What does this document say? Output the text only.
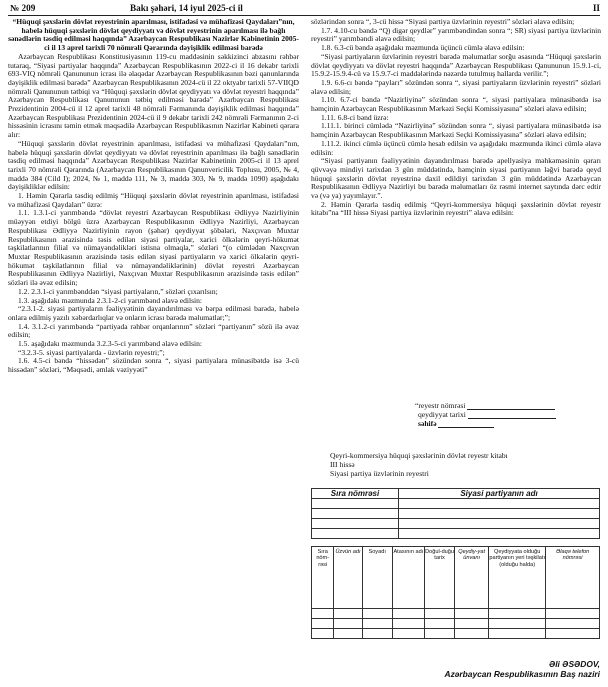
№ 209	Bakı şəhəri, 14 iyul 2025-ci il	II

“Hüquqi şəxslərin dövlət reyestrinin aparılması, istifadəsi və mühafizəsi Qaydaları”nın, habelə hüquqi şəxslərin dövlət qeydiyyatı və dövlət reyestrinin aparılması ilə bağlı sənədlərin təsdiq edilməsi haqqında” Azərbaycan Respublikası Nazirlər Kabinetinin 2005-ci il 13 aprel tarixli 70 nömrəli Qərarında dəyişiklik edilməsi barədə

Azərbaycan Respublikası Konstitusiyasının 119-cu maddəsinin səkkizinci abzasını rəhbər tutaraq, “Siyasi partiyalar haqqında” Azərbaycan Respublikasının 2022-ci il 16 dekabr tarixli 693-VIQ nömrəli Qanununun icrası ilə əlaqədar Azərbaycan Respublikasının bəzi qanunlarında dəyişiklik edilməsi barədə” Azərbaycan Respublikasının 2024-cü il 22 oktyabr tarixli 57-VIIQD nömrəli Qanununun tətbiqi və “Hüquqi şəxslərin dövlət qeydiyyatı və dövlət reyestri haqqında” Azərbaycan Respublikası Qanununun tətbiq edilməsi barədə” Azərbaycan Respublikası Prezidentinin 2004-cü il 12 aprel tarixli 48 nömrəli Fərmanında dəyişiklik edilməsi haqqında” Azərbaycan Respublikası Prezidentinin 2024-cü il 9 dekabr tarixli 242 nömrəli Fərmanının 2-ci hissəsinin icrasını təmin etmək məqsədilə Azərbaycan Respublikasının Nazirlər Kabineti qərara alır:

“Hüquqi şəxslərin dövlət reyestrinin aparılması, istifadəsi və mühafizəsi Qaydaları”nın, habelə hüquqi şəxslərin dövlət qeydiyyatı və dövlət reyestrinin aparılması ilə bağlı sənədlərin təsdiq edilməsi haqqında” Azərbaycan Respublikası Nazirlər Kabinetinin 2005-ci il 13 aprel tarixli 70 nömrəli Qərarında (Azərbaycan Respublikasının Qanunvericilik Toplusu, 2005, № 4, maddə 384 (Cild I); 2024, № 1, maddə 111, № 3, maddə 303, № 9, maddə 1090) aşağıdakı dəyişikliklər edilsin:

1. Həmin Qərarla təsdiq edilmiş “Hüquqi şəxslərin dövlət reyestrinin aparılması, istifadəsi və mühafizəsi Qaydaları” üzrə:

1.1. 1.3.1-ci yarımbəndə “dövlət reyestri Azərbaycan Respublikası Ədliyyə Nazirliyinin müəyyən etdiyi bölgü üzrə Azərbaycan Respublikasının Ədliyyə Nazirliyi, Azərbaycan Respublikası Ədliyyə Nazirliyinin rayon (şəhər) qeydiyyat şöbələri, Naxçıvan Muxtar Respublikasının ərazisində təsis edilən siyasi partiyalar, xarici ölkələrin qeyri-hökumət təşkilatlarının filial və nümayəndəlikləri istisna olmaqla,” sözləri “(o cümlədən Naxçıvan Muxtar Respublikasının ərazisində təsis edilən siyasi partiyaların və xarici ölkələrin qeyri-hökumət təşkilatlarının filial və nümayəndəliklərinin) dövlət reyestri Azərbaycan Respublikasının Ədliyyə Nazirliyi, Naxçıvan Muxtar Respublikasının ərazisində təsis edilən” sözləri ilə əvəz edilsin;

1.2. 2.3.1-ci yarımbənddən “siyasi partiyaların,” sözləri çıxarılsın;

1.3. aşağıdakı məzmunda 2.3.1-2-ci yarımbənd əlavə edilsin:

“2.3.1-2. siyasi partiyaların fəaliyyətinin dayandırılması və bərpa edilməsi barədə, habelə onlara edilmiş yazılı xəbərdarlıqlar və onların icrası barədə məlumatlar;”;

1.4. 3.1.2-ci yarımbəndə “partiyada rəhbər orqanlarının” sözləri “partiyanın” sözü ilə əvəz edilsin;

1.5. aşağıdakı məzmunda 3.2.3-5-ci yarımbənd əlavə edilsin:

“3.2.3-5. siyasi partiyalarda - üzvlərin reyestri;”;

1.6. 4.5-ci bəndə “hissədən” sözündən sonra “, siyasi partiyalara münasibətdə isə 3-cü hissədən” sözləri, “Məqsədi, əmlak vəziyyəti”

sözlərindən sonra “, 3-cü hissə “Siyasi partiya üzvlərinin reyestri” sözləri əlavə edilsin;

1.7. 4.10-cu bəndə “Q) digər qeydlər” yarımbəndindən sonra “; SR) siyasi partiya üzvlərinin reyestri” yarımbəndi əlavə edilsin;

1.8. 6.3-cü bəndə aşağıdakı məzmunda üçüncü cümlə əlavə edilsin:

“Siyasi partiyaların üzvlərinin reyestri barədə məlumatlar sorğu əsasında “Hüquqi şəxslərin dövlət qeydiyyatı və dövlət reyestri haqqında” Azərbaycan Respublikası Qanununun 15.9.1-ci, 15.9.2-15.9.4-cü və 15.9.7-ci maddələrində nəzərdə tutulmuş hallarda verilir.”;

1.9. 6.6-cı bəndə “payları” sözündən sonra “, siyasi partiyaların üzvlərinin reyestri” sözləri əlavə edilsin;

1.10. 6.7-ci bəndə “Nazirliyinə” sözündən sonra “, siyasi partiyalara münasibətdə isə həmçinin Azərbaycan Respublikasının Mərkəzi Seçki Komissiyasına” sözləri əlavə edilsin;

1.11. 6.8-ci bənd üzrə:

1.11.1. birinci cümlədə “Nazirliyinə” sözündən sonra “, siyasi partiyalara münasibətdə isə həmçinin Azərbaycan Respublikasının Mərkəzi Seçki Komissiyasına” sözləri əlavə edilsin;

1.11.2. ikinci cümlə üçüncü cümlə hesab edilsin və aşağıdakı məzmunda ikinci cümlə əlavə edilsin:

“Siyasi partiyanın fəaliyyətinin dayandırılması barədə apellyasiya məhkəməsinin qərarı qüvvəyə mindiyi tarixdən 3 gün müddətində, həmçinin siyasi partiyanın ləğvi barədə qeyd hüquqi şəxslərin dövlət reyestrinə daxil edildiyi tarixdən 3 gün müddətində Azərbaycan Respublikasının Ədliyyə Nazirliyi bu barədə məlumatları öz rəsmi internet saytında dərc edtir və (və ya) yayımlayır.”.

2. Həmin Qərarla təsdiq edilmiş “Qeyri-kommersiya hüquqi şəxslərinin dövlət reyestr kitabı”na “III hissə Siyasi partiya üzvlərinin reyestri” əlavə edilsin:

“reyestr nömrəsi
qeydiyyat tarixi
səhifə
Qeyri-kommersiya hüquqi şəxslərinin dövlət reyestr kitabı
III hissə
Siyasi partiya üzvlərinin reyestri
Sıra nömrəsi	Siyasi partiyanın adı

Sıra nöm-rəsi	Üzvün adı	Soyadı	Atasının adı	Doğul-duğu tarix	Qeydiy-yat ünvanı	Qeydiyyata olduğu partiyanın yeri təşkilatı (olduğu halda)	Əlaqə telefon nömrəsi

Əli ƏSƏDOV,
Azərbaycan Respublikasının Baş naziri
